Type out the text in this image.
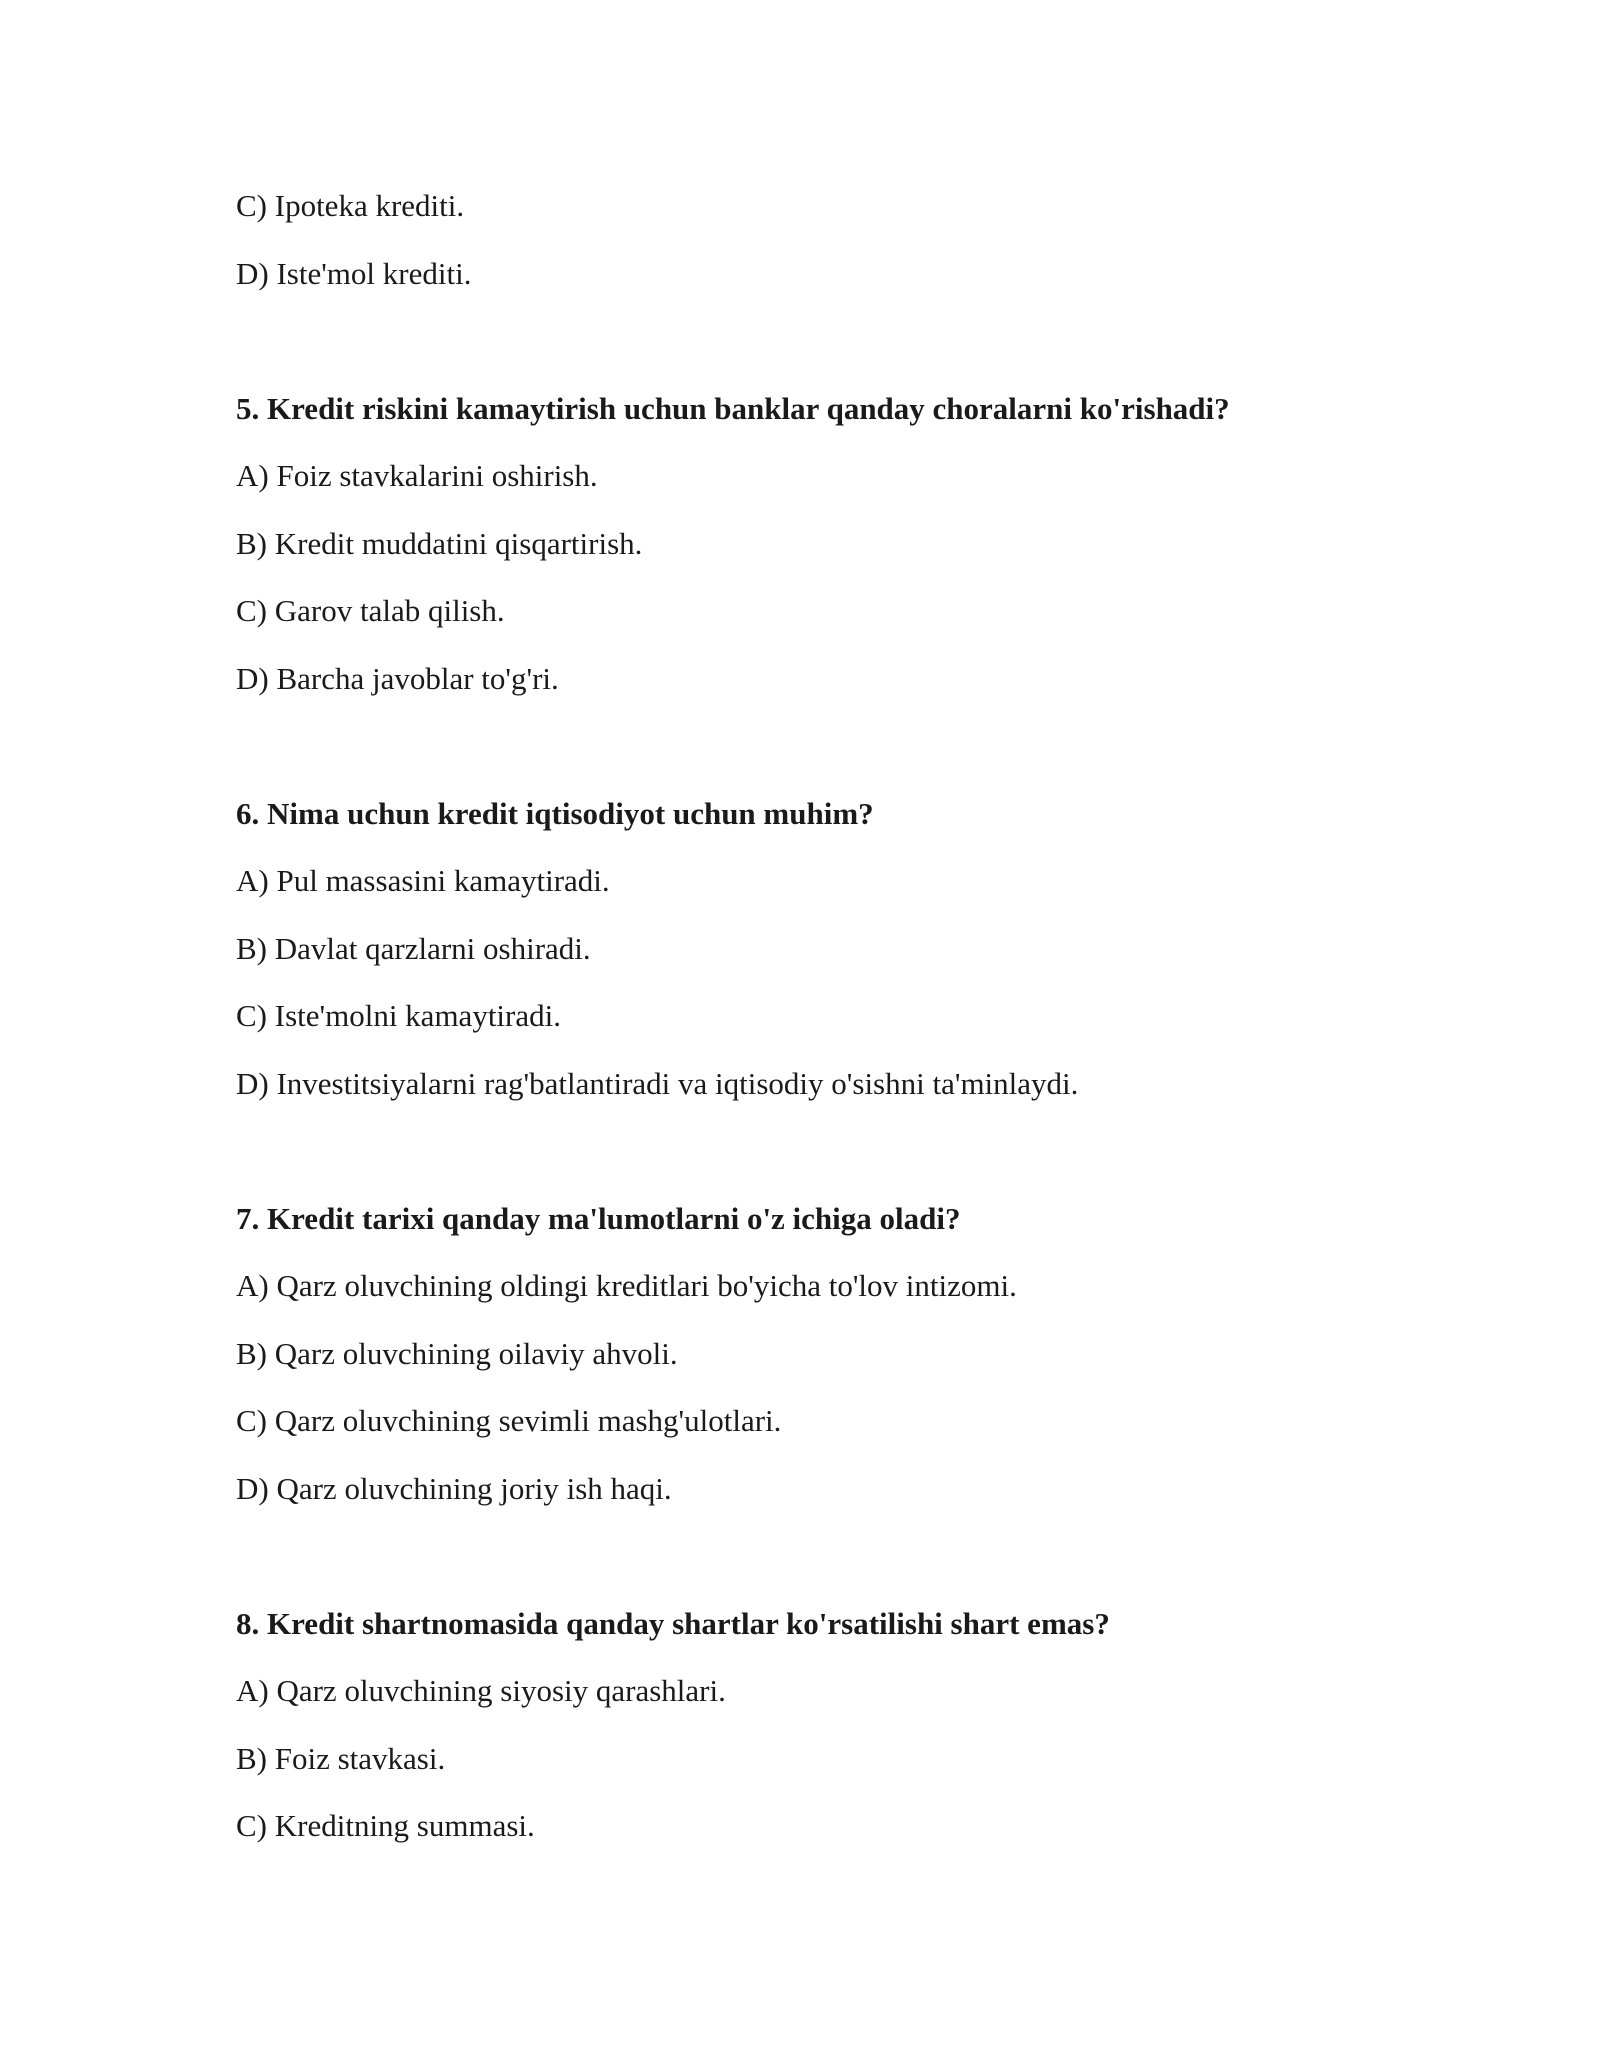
C) Ipoteka krediti.
D) Iste'mol krediti.
5. Kredit riskini kamaytirish uchun banklar qanday choralarni ko'rishadi?
A) Foiz stavkalarini oshirish.
B) Kredit muddatini qisqartirish.
C) Garov talab qilish.
D) Barcha javoblar to'g'ri.
6. Nima uchun kredit iqtisodiyot uchun muhim?
A) Pul massasini kamaytiradi.
B) Davlat qarzlarni oshiradi.
C) Iste'molni kamaytiradi.
D) Investitsiyalarni rag'batlantiradi va iqtisodiy o'sishni ta'minlaydi.
7. Kredit tarixi qanday ma'lumotlarni o'z ichiga oladi?
A) Qarz oluvchining oldingi kreditlari bo'yicha to'lov intizomi.
B) Qarz oluvchining oilaviy ahvoli.
C) Qarz oluvchining sevimli mashg'ulotlari.
D) Qarz oluvchining joriy ish haqi.
8. Kredit shartnomasida qanday shartlar ko'rsatilishi shart emas?
A) Qarz oluvchining siyosiy qarashlari.
B) Foiz stavkasi.
C) Kreditning summasi.
